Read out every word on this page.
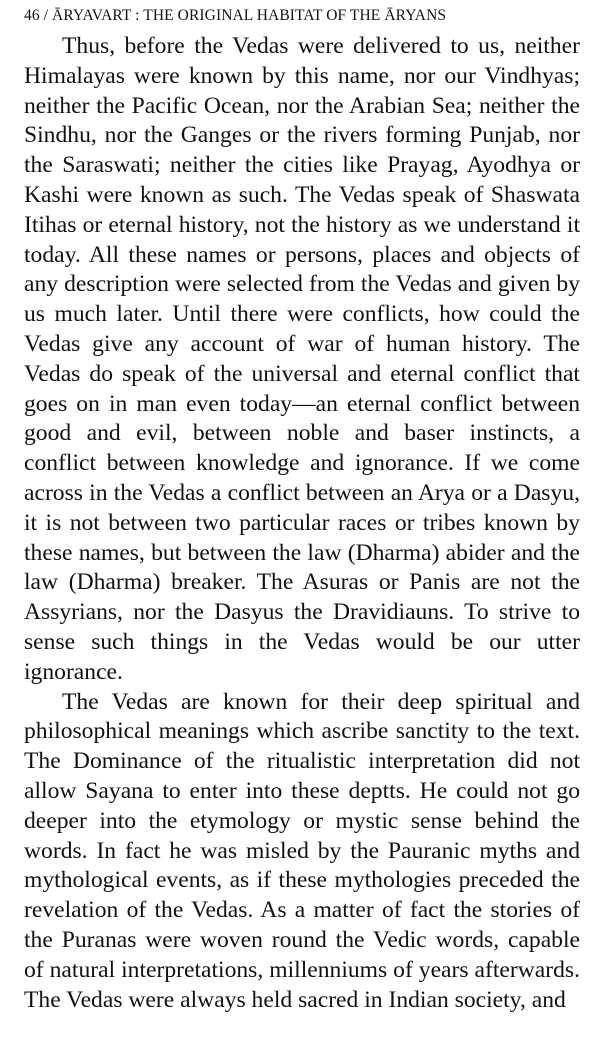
46 / ĀRYAVART : THE ORIGINAL HABITAT OF THE ĀRYANS

Thus, before the Vedas were delivered to us, neither Himalayas were known by this name, nor our Vindhyas; neither the Pacific Ocean, nor the Arabian Sea; neither the Sindhu, nor the Ganges or the rivers forming Punjab, nor the Saraswati; neither the cities like Prayag, Ayodhya or Kashi were known as such. The Vedas speak of Shaswata Itihas or eternal history, not the history as we understand it today. All these names or persons, places and objects of any description were selected from the Vedas and given by us much later. Until there were conflicts, how could the Vedas give any account of war of human history. The Vedas do speak of the universal and eternal conflict that goes on in man even today—an eternal conflict between good and evil, between noble and baser instincts, a conflict between knowledge and ignorance. If we come across in the Vedas a conflict between an Arya or a Dasyu, it is not between two particular races or tribes known by these names, but between the law (Dharma) abider and the law (Dharma) breaker. The Asuras or Panis are not the Assyrians, nor the Dasyus the Dravidiauns. To strive to sense such things in the Vedas would be our utter ignorance.

The Vedas are known for their deep spiritual and philosophical meanings which ascribe sanctity to the text. The Dominance of the ritualistic interpretation did not allow Sayana to enter into these deptts. He could not go deeper into the etymology or mystic sense behind the words. In fact he was misled by the Pauranic myths and mythological events, as if these mythologies preceded the revelation of the Vedas. As a matter of fact the stories of the Puranas were woven round the Vedic words, capable of natural interpretations, millenniums of years afterwards. The Vedas were always held sacred in Indian society, and
